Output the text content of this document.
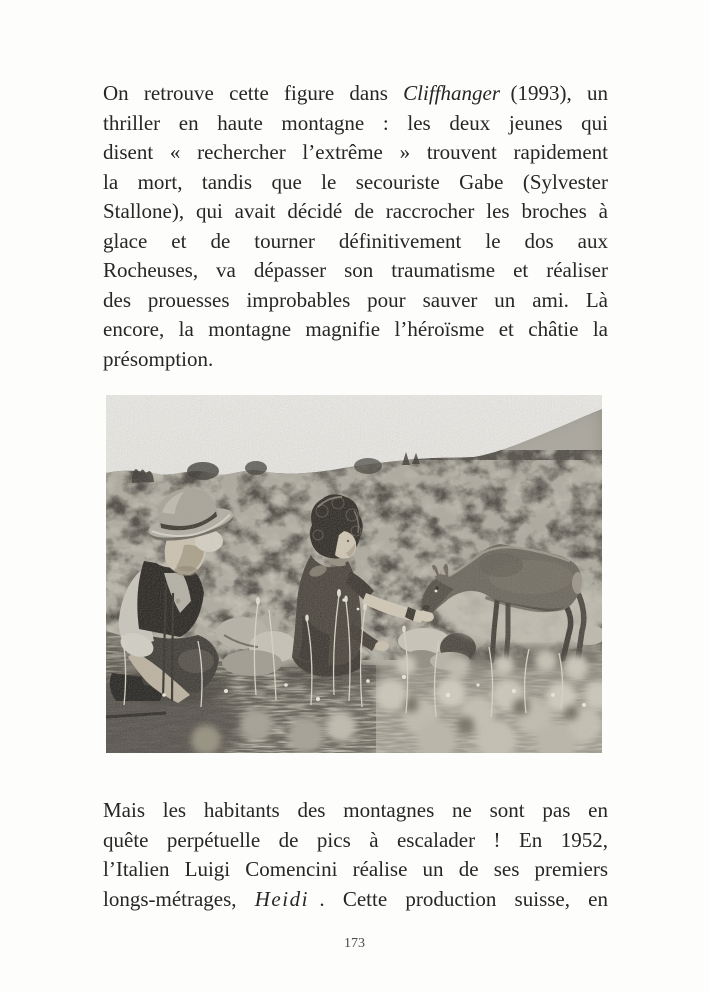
On retrouve cette figure dans Cliffhanger (1993), un
thriller en haute montagne : les deux jeunes qui
disent « rechercher l’extrême » trouvent rapidement
la mort, tandis que le secouriste Gabe (Sylvester
Stallone), qui avait décidé de raccrocher les broches à
glace et de tourner définitivement le dos aux
Rocheuses, va dépasser son traumatisme et réaliser
des prouesses improbables pour sauver un ami. Là
encore, la montagne magnifie l’héroïsme et châtie la
présomption.
Mais les habitants des montagnes ne sont pas en
quête perpétuelle de pics à escalader ! En 1952,
l’Italien Luigi Comencini réalise un de ses premiers
longs-métrages, Heidi . Cette production suisse, en
173
